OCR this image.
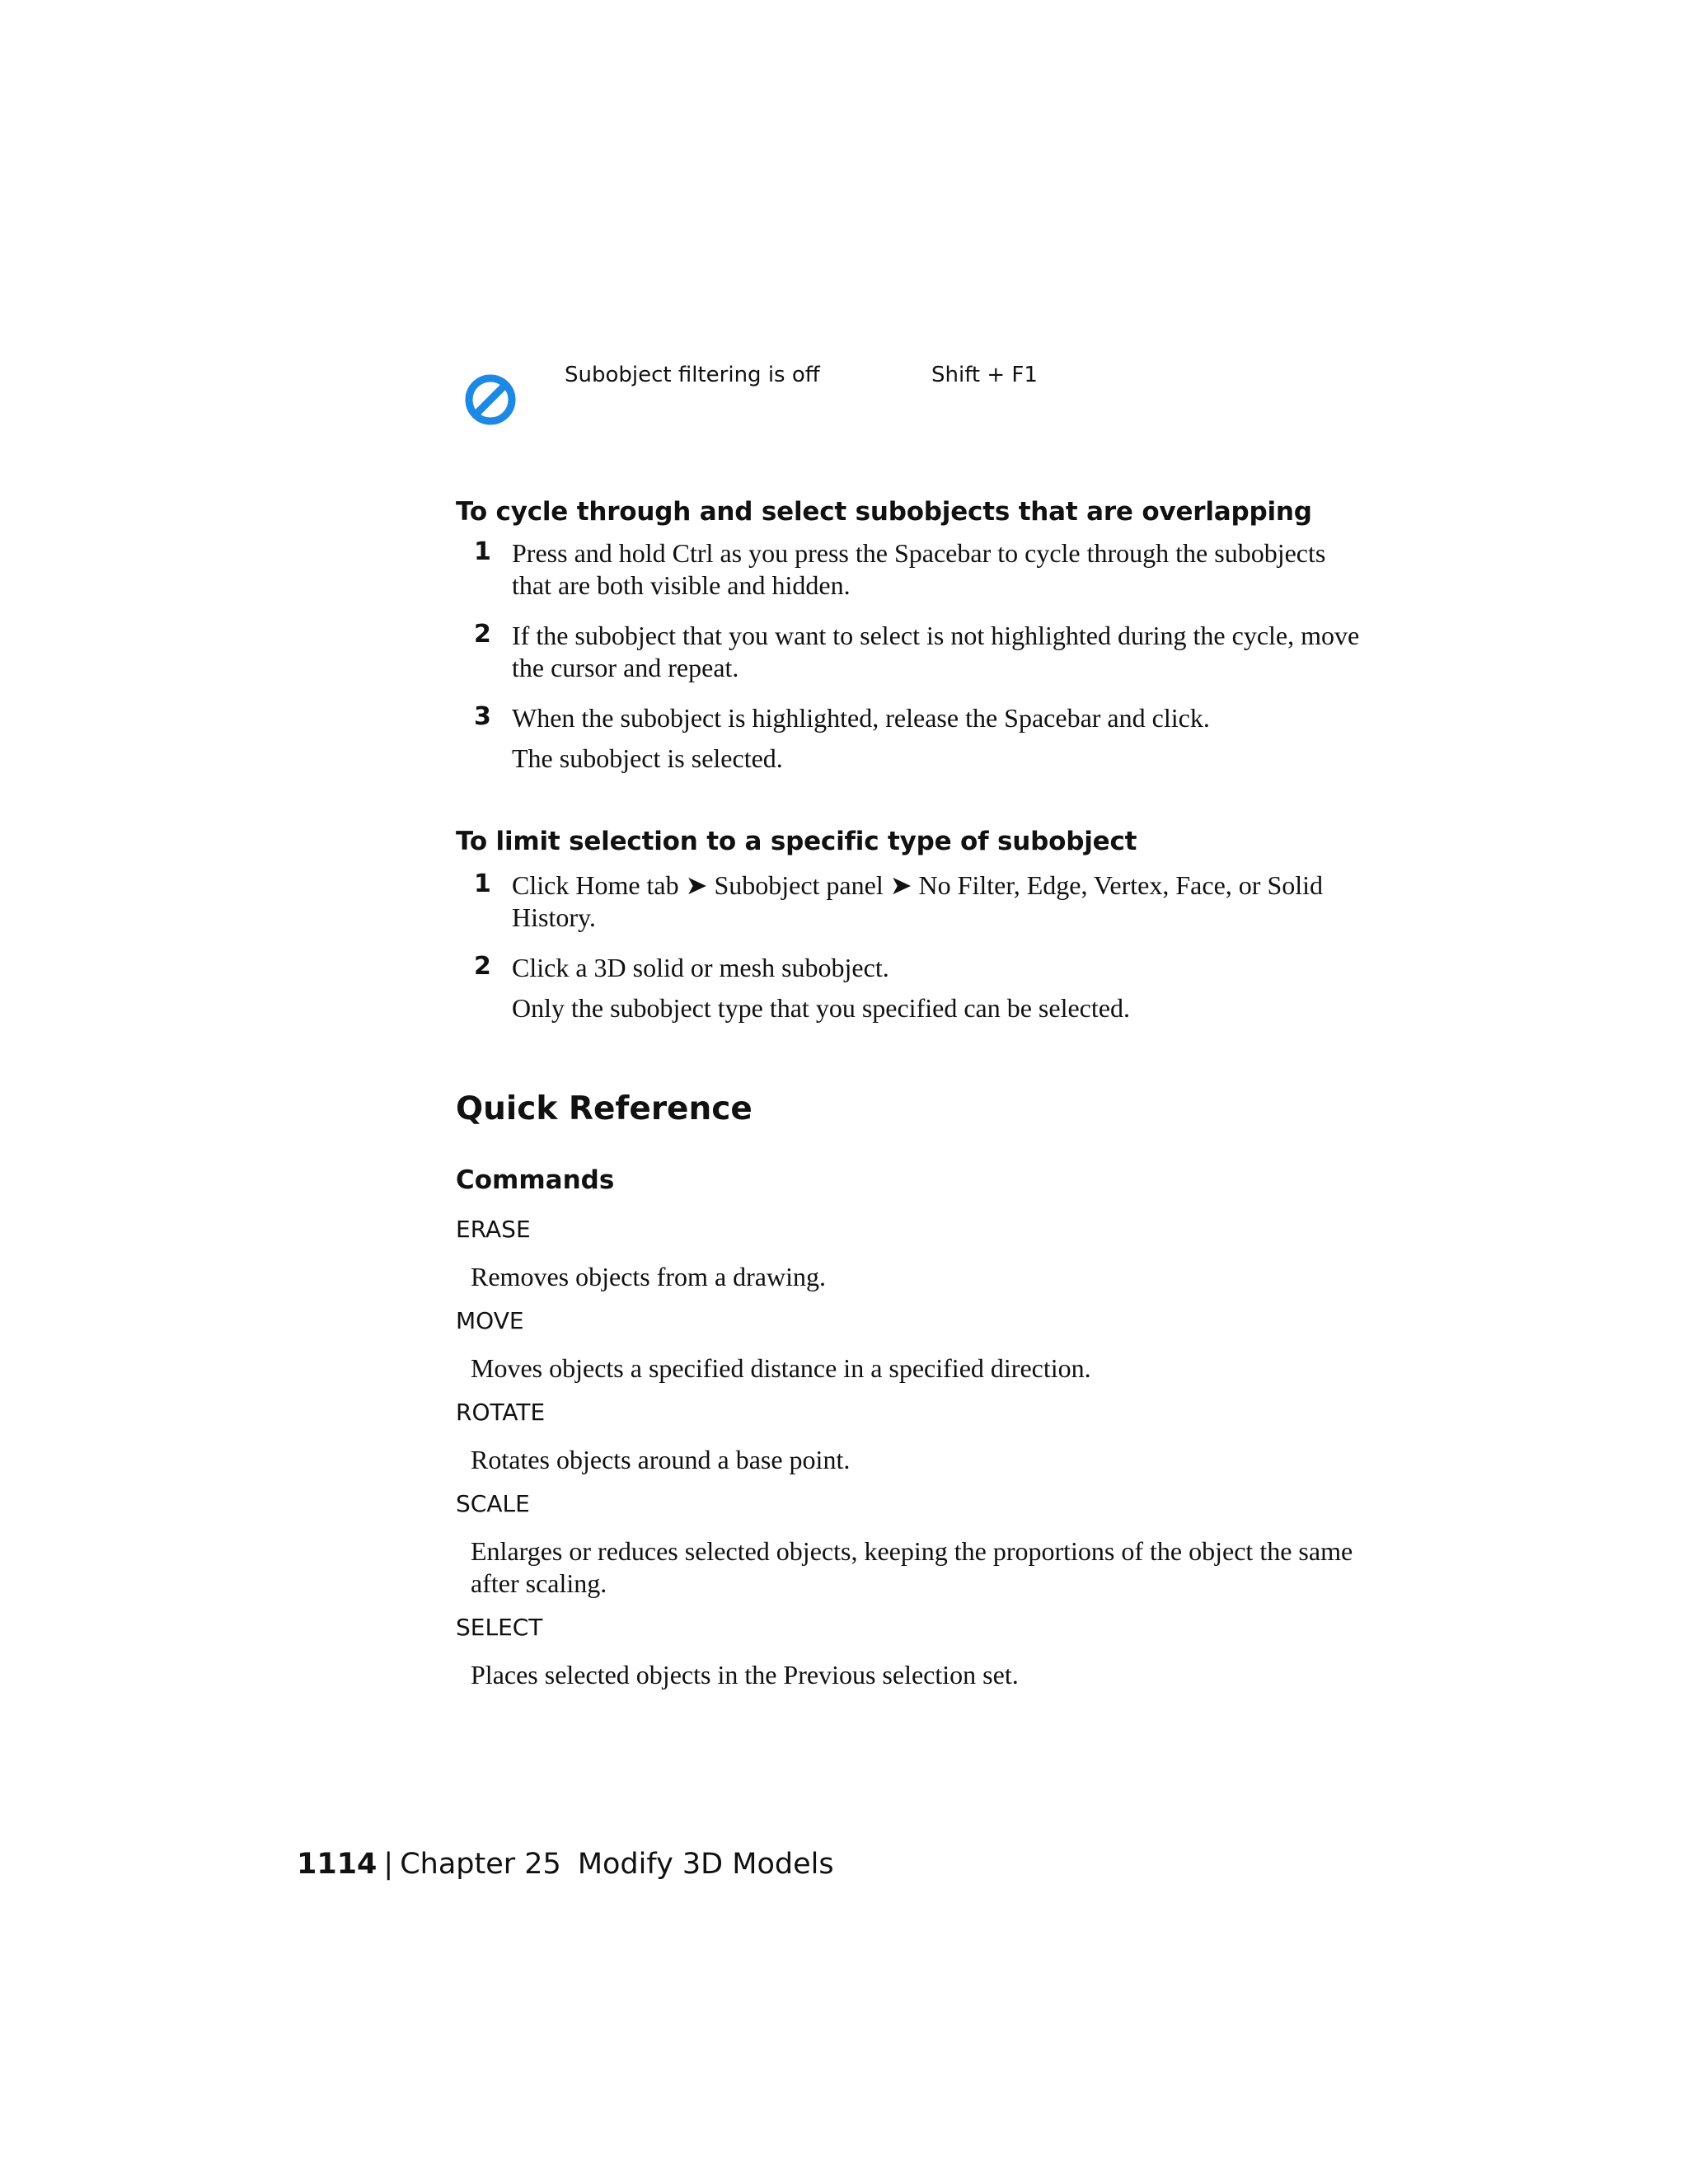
Subobject filtering is off	Shift + F1
To cycle through and select subobjects that are overlapping
1 Press and hold Ctrl as you press the Spacebar to cycle through the subobjects that are both visible and hidden.
2 If the subobject that you want to select is not highlighted during the cycle, move the cursor and repeat.
3 When the subobject is highlighted, release the Spacebar and click.
The subobject is selected.
To limit selection to a specific type of subobject
1 Click Home tab ➤ Subobject panel ➤ No Filter, Edge, Vertex, Face, or Solid History.
2 Click a 3D solid or mesh subobject.
Only the subobject type that you specified can be selected.
Quick Reference
Commands
ERASE
Removes objects from a drawing.
MOVE
Moves objects a specified distance in a specified direction.
ROTATE
Rotates objects around a base point.
SCALE
Enlarges or reduces selected objects, keeping the proportions of the object the same after scaling.
SELECT
Places selected objects in the Previous selection set.
1114 | Chapter 25 Modify 3D Models
